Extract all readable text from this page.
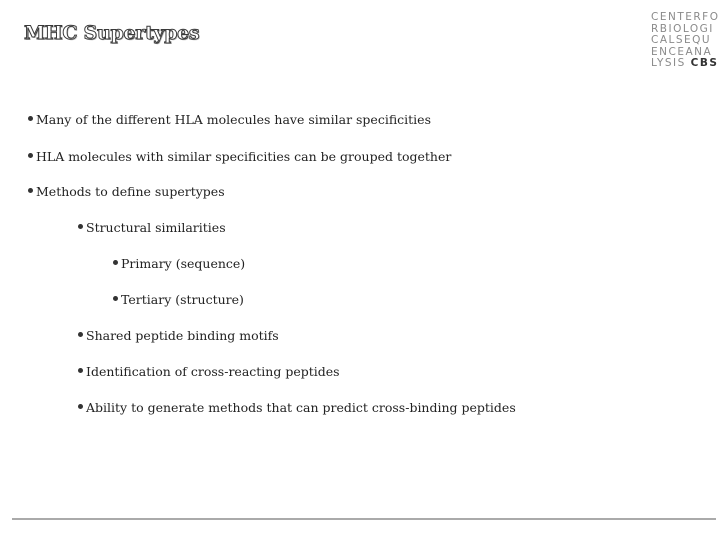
MHC Supertypes
CENTERFO
RBIOLOGI
CALSEQU
ENCEANA
LYSIS CBS
Many of the different HLA molecules have similar specificities
HLA molecules with similar specificities can be grouped together
Methods to define supertypes
Structural similarities
Primary (sequence)
Tertiary (structure)
Shared peptide binding motifs
Identification of cross-reacting peptides
Ability to generate methods that can predict cross-binding peptides
